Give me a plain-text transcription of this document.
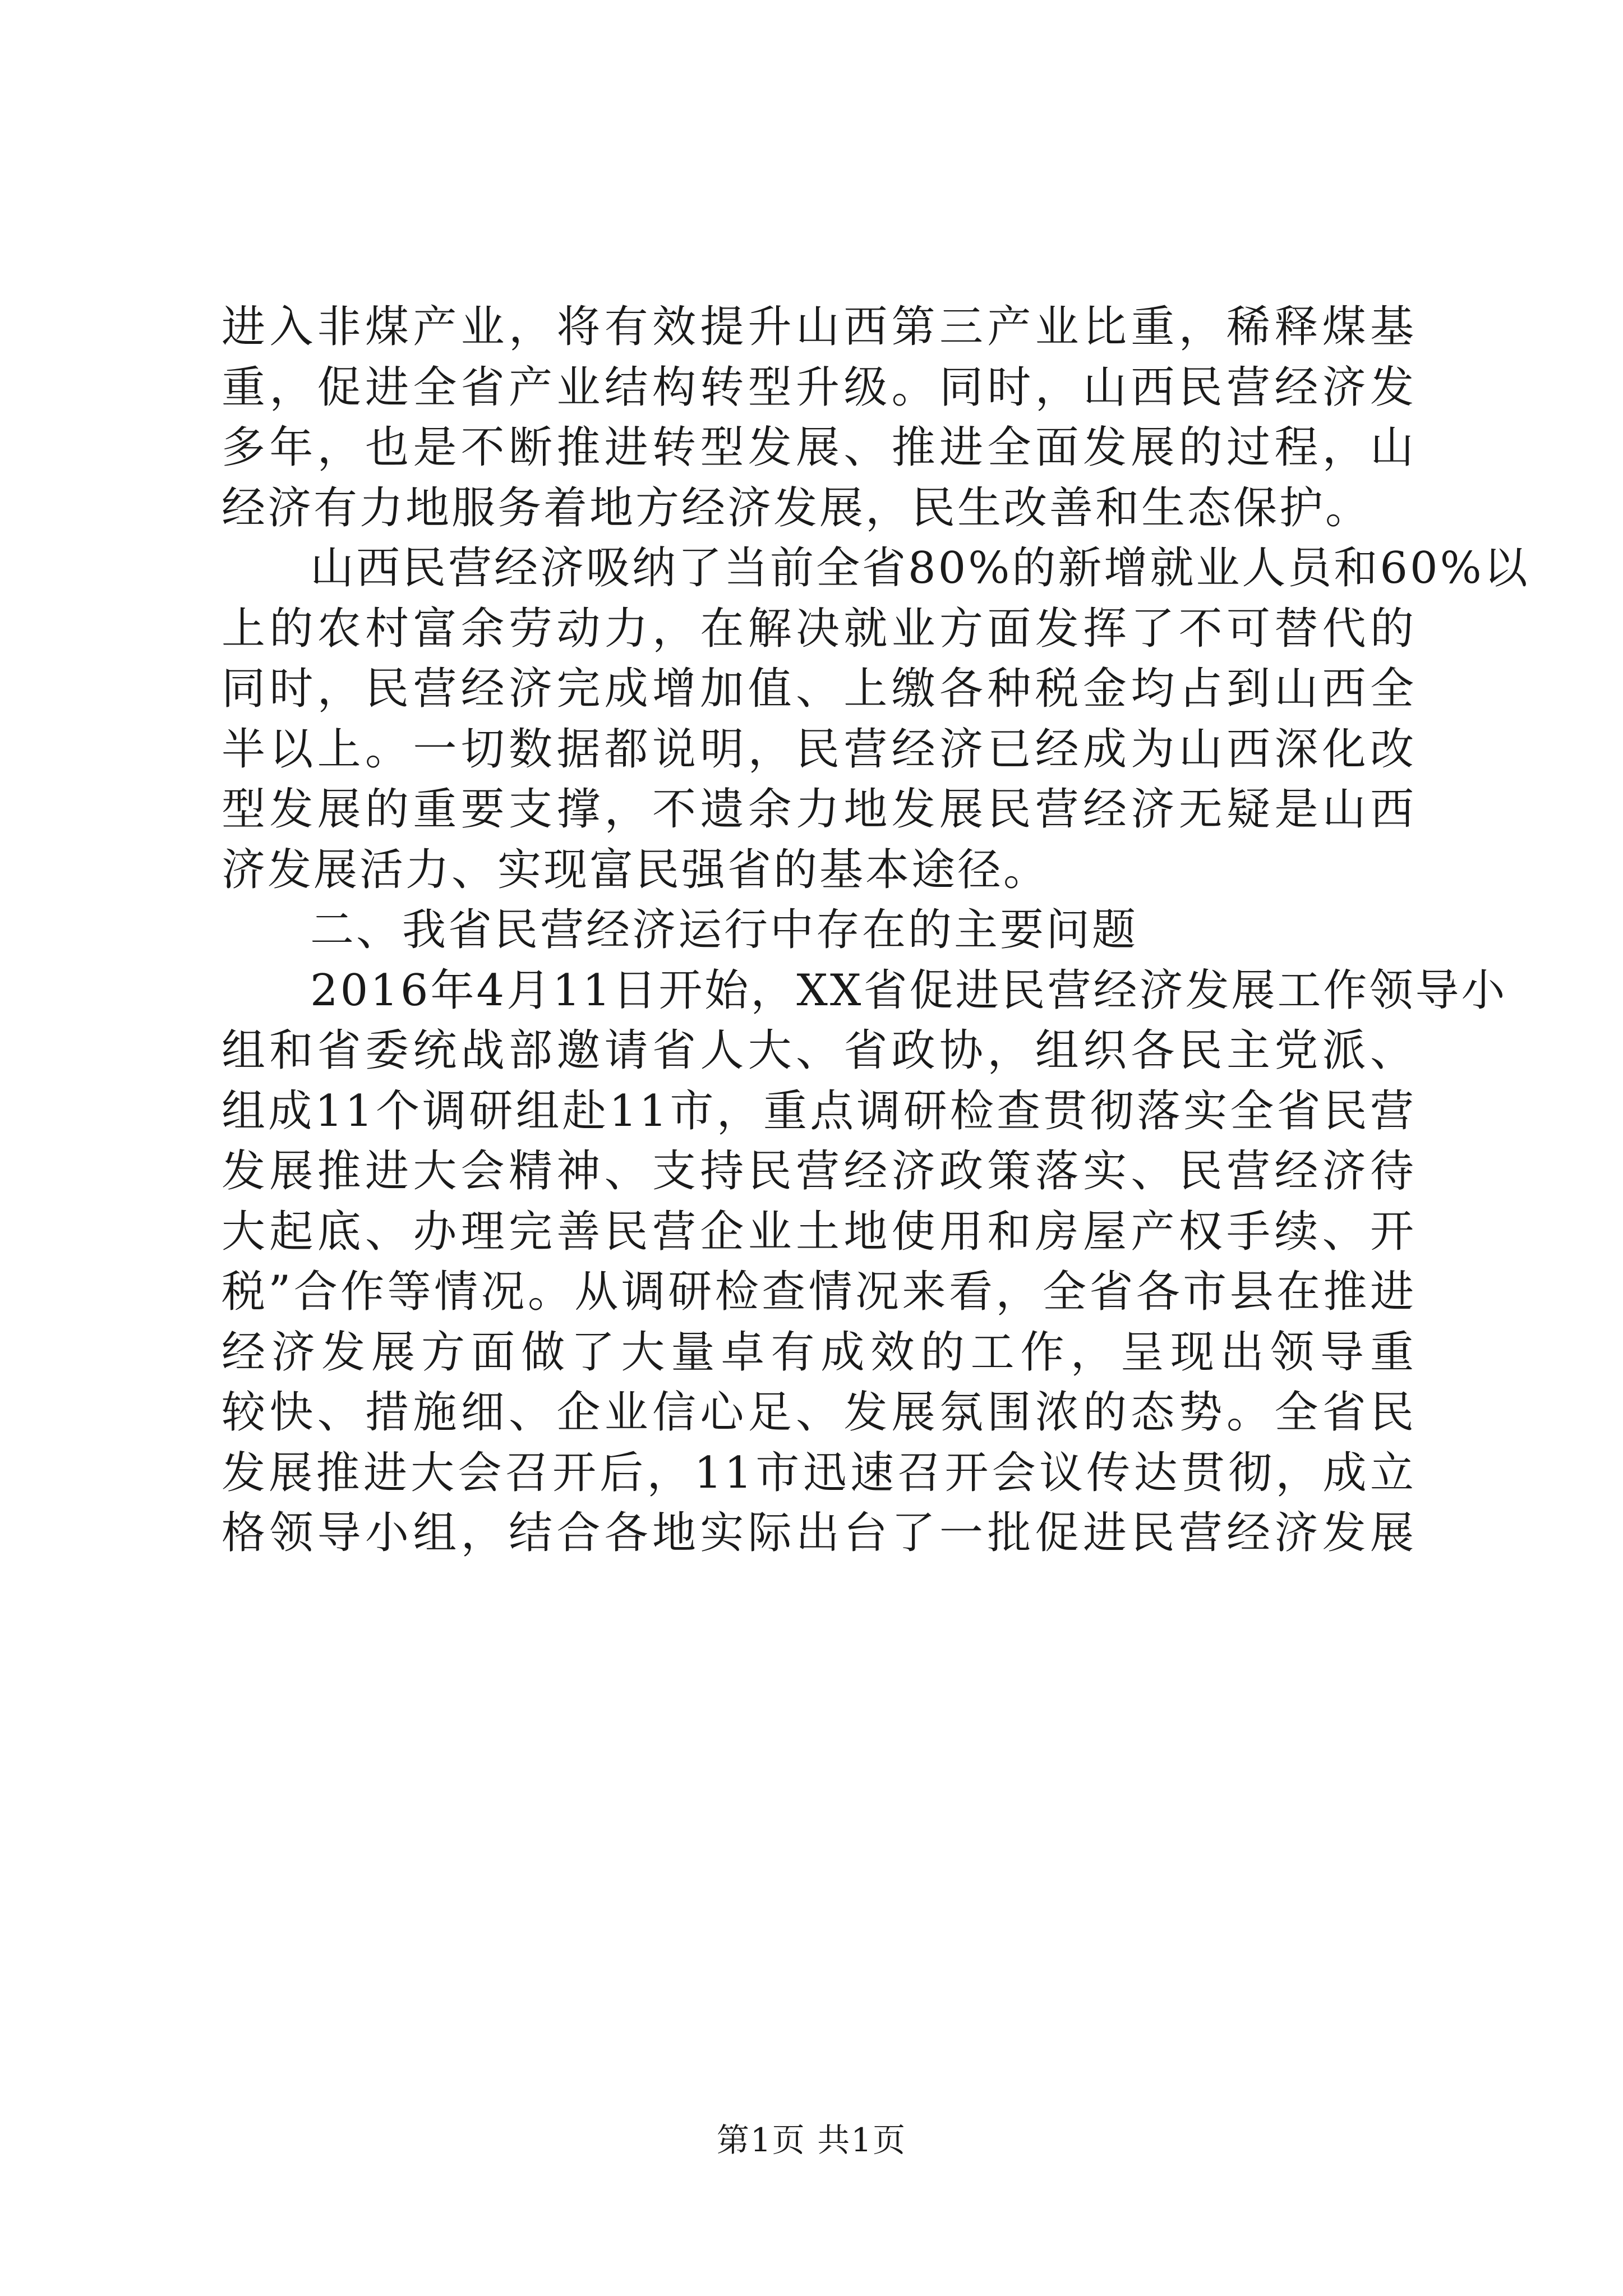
进入非煤产业，将有效提升山西第三产业比重，稀释煤基
重，促进全省产业结构转型升级。同时，山西民营经济发
多年，也是不断推进转型发展、推进全面发展的过程，山
经济有力地服务着地方经济发展，民生改善和生态保护。
山西民营经济吸纳了当前全省80%的新增就业人员和60%以
上的农村富余劳动力，在解决就业方面发挥了不可替代的
同时，民营经济完成增加值、上缴各种税金均占到山西全
半以上。一切数据都说明，民营经济已经成为山西深化改
型发展的重要支撑，不遗余力地发展民营经济无疑是山西
济发展活力、实现富民强省的基本途径。
二、我省民营经济运行中存在的主要问题
2016年4月11日开始，XX省促进民营经济发展工作领导小
组和省委统战部邀请省人大、省政协，组织各民主党派、
组成11个调研组赴11市，重点调研检查贯彻落实全省民营
发展推进大会精神、支持民营经济政策落实、民营经济待
大起底、办理完善民营企业土地使用和房屋产权手续、开
税”合作等情况。从调研检查情况来看，全省各市县在推进
经济发展方面做了大量卓有成效的工作，呈现出领导重
较快、措施细、企业信心足、发展氛围浓的态势。全省民
发展推进大会召开后，11市迅速召开会议传达贯彻，成立
格领导小组，结合各地实际出台了一批促进民营经济发展
第1页 共1页
